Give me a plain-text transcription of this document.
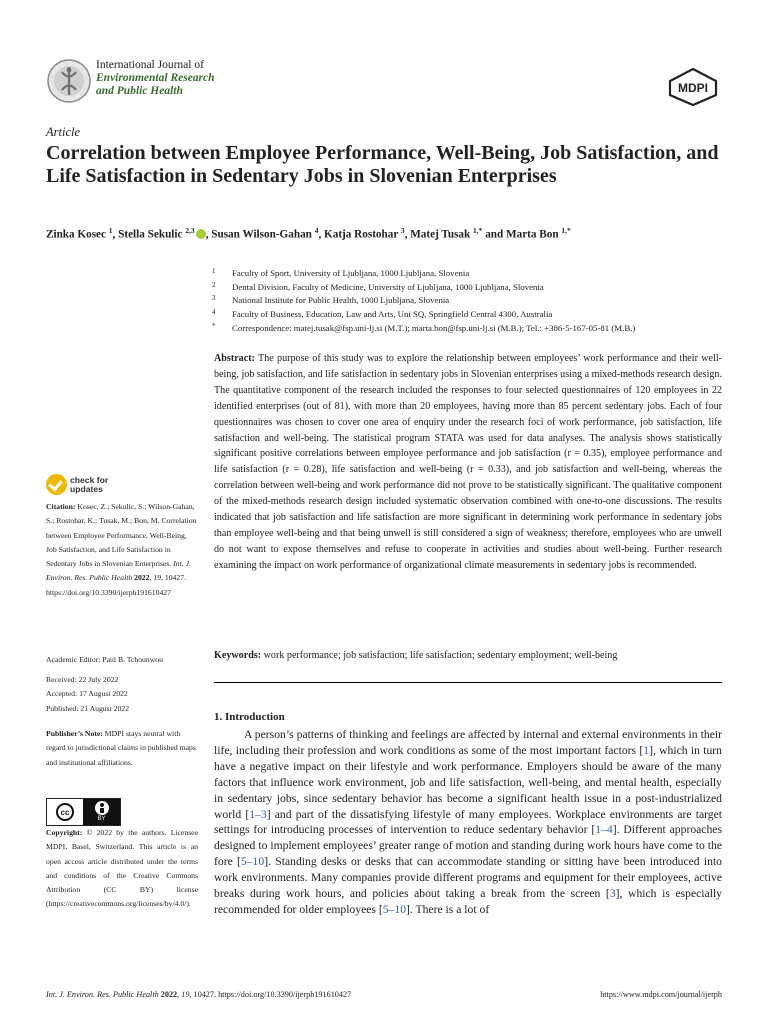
International Journal of
Environmental Research
and Public Health	MDPI
Article
Correlation between Employee Performance, Well-Being, Job Satisfaction, and Life Satisfaction in Sedentary Jobs in Slovenian Enterprises
Zinka Kosec $^1$, Stella Sekulic $^{2,3}$ , Susan Wilson-Gahan $^4$, Katja Rostohar $^3$, Matej Tusak $^{1,*}$ and Marta Bon $^{1,*}$
1	Faculty of Sport, University of Ljubljana, 1000 Ljubljana, Slovenia
2	Dental Division, Faculty of Medicine, University of Ljubljana, 1000 Ljubljana, Slovenia
3	National Institute for Public Health, 1000 Ljubljana, Slovenia
4	Faculty of Business, Education, Law and Arts, Uni SQ, Springfield Central 4300, Australia
*	Correspondence: matej.tusak@fsp.uni-lj.si (M.T.); marta.bon@fsp.uni-lj.si (M.B.); Tel.: +386-5-167-05-81 (M.B.)

Abstract: The purpose of this study was to explore the relationship between employees’ work performance and their well-being, job satisfaction, and life satisfaction in sedentary jobs in Slovenian enterprises using a mixed-methods research design. The quantitative component of the research included the responses to four selected questionnaires of 120 employees in 22 identified enterprises (out of 81), with more than 20 employees, having more than 85 percent sedentary jobs. Each of four questionnaires was chosen to cover one area of enquiry under the research foci of work performance, job satisfaction, life satisfaction and well-being. The statistical program STATA was used for data analyses. The analysis shows statistically significant positive correlations between employee performance and job satisfaction (r = 0.35), employee performance and life satisfaction (r = 0.28), life satisfaction and well-being (r = 0.33), and job satisfaction and well-being, whereas the correlation between well-being and work performance did not prove to be statistically significant. The qualitative component of the mixed-methods research design included systematic observation combined with one-to-one discussions. The results indicated that job satisfaction and life satisfaction are more significant in determining work performance in sedentary jobs than employee well-being and that being unwell is still considered a sign of weakness; therefore, employees who are unwell do not want to expose themselves and refuse to cooperate in activities and studies about well-being. Further research examining the impact on work performance of organizational climate measurements in sedentary jobs is recommended.

Keywords: work performance; job satisfaction; life satisfaction; sedentary employment; well-being

1. Introduction

A person’s patterns of thinking and feelings are affected by internal and external environments in their life, including their profession and work conditions as some of the most important factors [1], which in turn have a negative impact on their lifestyle and work performance. Employers should be aware of the many factors that influence work environment, job and life satisfaction, well-being, and mental health, especially in sedentary jobs, since sedentary behavior has become a significant health issue in a post-industrialized world [1–3] and part of the dissatisfying lifestyle of many employees. Workplace environments are target settings for introducing processes of intervention to reduce sedentary behavior [1–4]. Different approaches designed to implement employees’ greater range of motion and standing during work hours have come to the fore [5–10]. Standing desks or desks that can accommodate standing or sitting have been introduced into work environments. Many companies provide different programs and equipment for their employees, active breaks during work hours, and policies about taking a break from the screen [3], which is especially recommended for older employees [5–10]. There is a lot of

check for
updates

Citation: Kosec, Z.; Sekulic, S.; Wilson-Gahan, S.; Rostohar, K.; Tusak, M.; Bon, M. Correlation between Employee Performance, Well-Being, Job Satisfaction, and Life Satisfaction in Sedentary Jobs in Slovenian Enterprises. Int. J. Environ. Res. Public Health 2022, 19, 10427. https://doi.org/10.3390/ijerph191610427

Academic Editor: Paul B. Tchounwou

Received: 22 July 2022
Accepted: 17 August 2022
Published: 21 August 2022

Publisher’s Note: MDPI stays neutral with regard to jurisdictional claims in published maps and institutional affiliations.

cc
BY

Copyright: © 2022 by the authors. Licensee MDPI, Basel, Switzerland. This article is an open access article distributed under the terms and conditions of the Creative Commons Attribution (CC BY) license (https://creativecommons.org/licenses/by/4.0/).

Int. J. Environ. Res. Public Health 2022, 19, 10427. https://doi.org/10.3390/ijerph191610427	https://www.mdpi.com/journal/ijerph
